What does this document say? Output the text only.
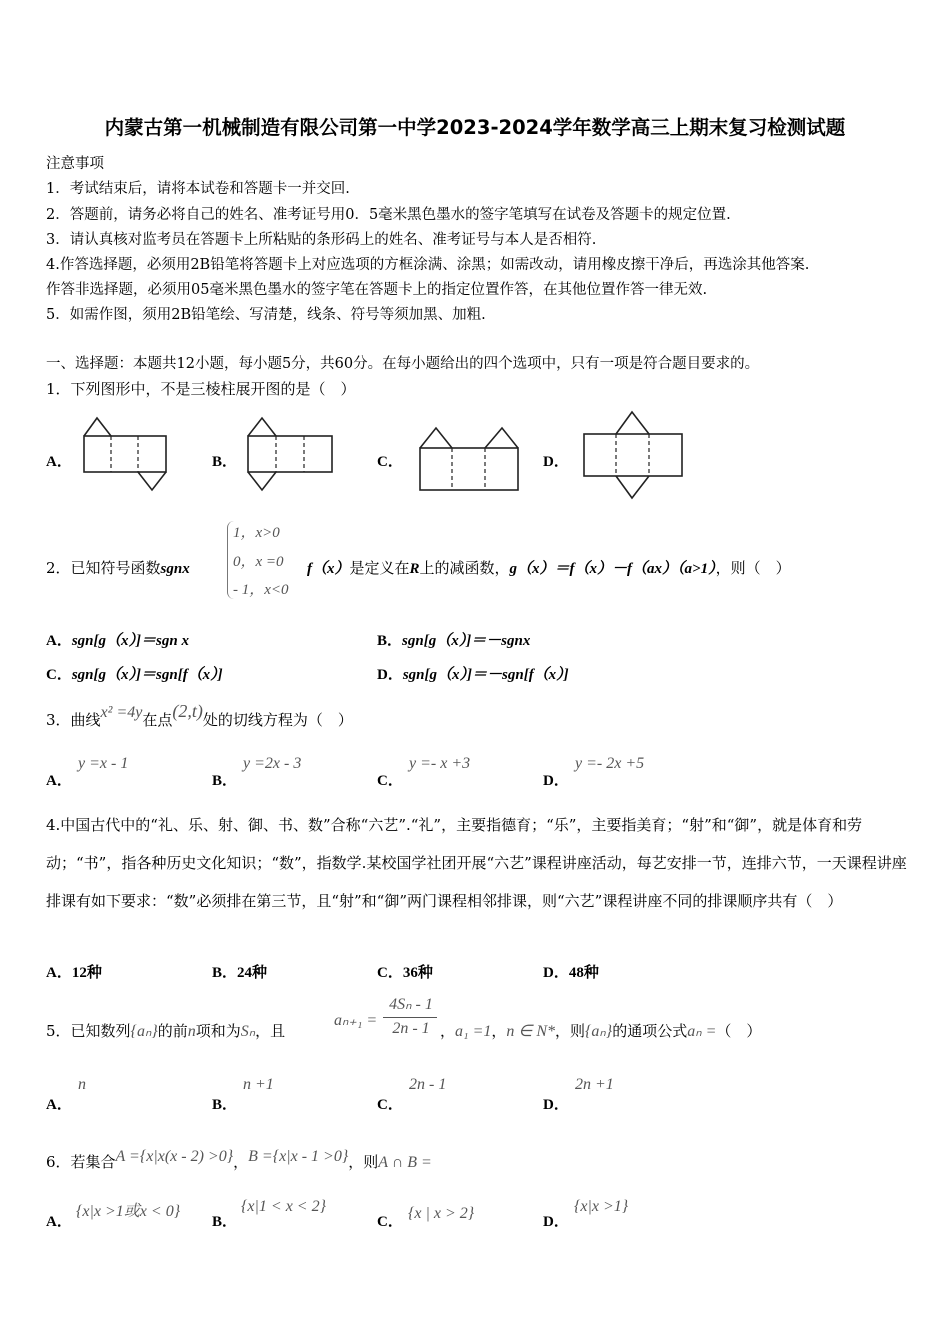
内蒙古第一机械制造有限公司第一中学2023-2024学年数学高三上期末复习检测试题
注意事项
1．考试结束后，请将本试卷和答题卡一并交回.
2．答题前，请务必将自己的姓名、准考证号用0．5毫米黑色墨水的签字笔填写在试卷及答题卡的规定位置.
3．请认真核对监考员在答题卡上所粘贴的条形码上的姓名、准考证号与本人是否相符.
4.作答选择题，必须用2B铅笔将答题卡上对应选项的方框涂满、涂黑；如需改动，请用橡皮擦干净后，再选涂其他答案.
作答非选择题，必须用05毫米黑色墨水的签字笔在答题卡上的指定位置作答，在其他位置作答一律无效.
5．如需作图，须用2B铅笔绘、写清楚，线条、符号等须加黑、加粗.
一、选择题：本题共12小题，每小题5分，共60分。在每小题给出的四个选项中，只有一项是符合题目要求的。
1．下列图形中，不是三棱柱展开图的是（　）
A．	B．	C．	D．
2．已知符号函数sgnx
1，x>0
0，x =0
- 1，x<0
f（x）是定义在R上的减函数，g（x）＝f（x）－f（ax）（a>1），则（　）
A．sgn[g（x）]＝sgn x	B．sgn[g（x）]＝－sgnx
C．sgn[g（x）]＝sgn[f（x）]	D．sgn[g（x）]＝－sgn[f（x）]
3．曲线x² =4y在点(2,t)处的切线方程为（　）
A．
y =x - 1
B．
y =2x - 3
C．
y =- x +3
D．
y =- 2x +5
4.中国古代中的“礼、乐、射、御、书、数”合称“六艺”.“礼”，主要指德育；“乐”，主要指美育；“射”和“御”，就是体育和劳动；“书”，指各种历史文化知识；“数”，指数学.某校国学社团开展“六艺”课程讲座活动，每艺安排一节，连排六节，一天课程讲座排课有如下要求：“数”必须排在第三节，且“射”和“御”两门课程相邻排课，则“六艺”课程讲座不同的排课顺序共有（　）
A．12种	B．24种	C．36种	D．48种
5．已知数列{aₙ}的前n项和为Sₙ，且
aₙ₊₁ =
4Sₙ - 1
2n - 1 ，a₁ =1，n ∈ N*，则{aₙ}的通项公式aₙ =（　）
A．
n
B．
n +1
C．
2n - 1
D．
2n +1
6．若集合A ={x|x(x - 2) >0}，B ={x|x - 1 >0}，则A ∩ B =
A．
{x|x >1或x < 0}
B．
{x|1 < x < 2}
C． {x | x > 2}	D．
{x|x >1}
